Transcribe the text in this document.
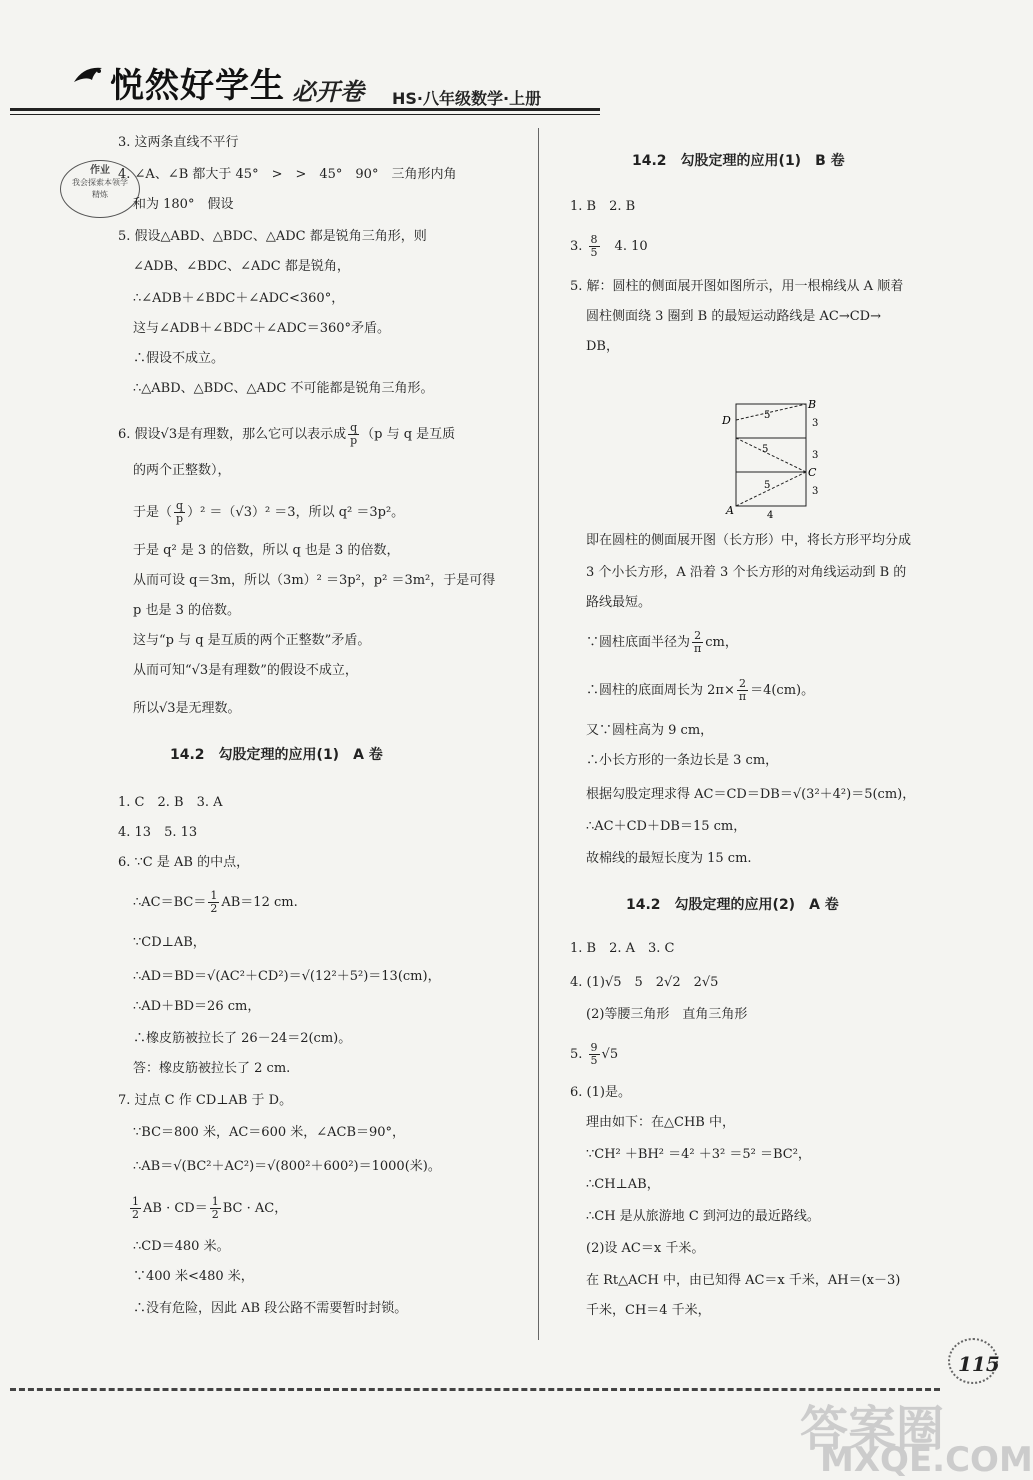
悦然好学生 必开卷 HS·八年级数学·上册
作业
我会探索本领学
精炼
3. 这两条直线不平行
4. ∠A、∠B 都大于 45°　>　>　45°　90°　三角形内角
和为 180°　假设
5. 假设△ABD、△BDC、△ADC 都是锐角三角形，则
∠ADB、∠BDC、∠ADC 都是锐角，
∴∠ADB＋∠BDC＋∠ADC<360°，
这与∠ADB＋∠BDC＋∠ADC＝360°矛盾。
∴假设不成立。
∴△ABD、△BDC、△ADC 不可能都是锐角三角形。
6. 假设√3是有理数，那么它可以表示成 $\frac{q}{p} (p$ 与 q 是互质
的两个正整数），
于是（ $\frac{q}{p} )^2 =(√3)^2 =3$，所以 q² ＝3p²。
于是 q² 是 3 的倍数，所以 q 也是 3 的倍数，
从而可设 q＝3m，所以（3m）² ＝3p²，p² ＝3m²，于是可得
p 也是 3 的倍数。
这与“p 与 q 是互质的两个正整数”矛盾。
从而可知“√3是有理数”的假设不成立，
所以√3是无理数。
14.2　勾股定理的应用(1)　A 卷
1. C　2. B　3. A
4. 13　5. 13
6. ∵C 是 AB 的中点，
∴AC＝BC＝ $\frac{1}{2} AB=12$ cm.
∵CD⊥AB，
∴AD＝BD＝√(AC²＋CD²)＝√(12²＋5²)＝13(cm)，
∴AD＋BD＝26 cm，
∴橡皮筋被拉长了 26－24＝2(cm)。
答：橡皮筋被拉长了 2 cm.
7. 过点 C 作 CD⊥AB 于 D。
∵BC＝800 米，AC＝600 米，∠ACB＝90°，
∴AB＝√(BC²＋AC²)＝√(800²＋600²)＝1000(米)。
$\frac{1}{2}$ AB · $CD= \frac{1}{2}$ BC · AC，
∴CD＝480 米。
∵400 米<480 米，
∴没有危险，因此 AB 段公路不需要暂时封锁。
14.2　勾股定理的应用(1)　B 卷
1. B　2. B
3. $\frac{8}{5}$ 　4. 10
5. 解：圆柱的侧面展开图如图所示，用一根棉线从 A 顺着
圆柱侧面绕 3 圈到 B 的最短运动路线是 AC→CD→
DB，
B
C
D
A
5
5
5
3
3
3
4
即在圆柱的侧面展开图（长方形）中，将长方形平均分成
3 个小长方形，A 沿着 3 个长方形的对角线运动到 B 的
路线最短。
∵圆柱底面半径为 $\frac{2}{\pi}$ cm，
∴圆柱的底面周长为 $2\pi\times \frac{2}{\pi} =4(cm)$。
又∵圆柱高为 9 cm，
∴小长方形的一条边长是 3 cm，
根据勾股定理求得 AC＝CD＝DB＝√(3²＋4²)＝5(cm)，
∴AC＋CD＋DB＝15 cm，
故棉线的最短长度为 15 cm.
14.2　勾股定理的应用(2)　A 卷
1. B　2. A　3. C
4. (1)√5　5　2√2　2√5
(2)等腰三角形　直角三角形
5. $\frac{9}{5} √5$
6. (1)是。
理由如下：在△CHB 中，
∵CH² ＋BH² ＝4² ＋3² ＝5² ＝BC²，
∴CH⊥AB，
∴CH 是从旅游地 C 到河边的最近路线。
(2)设 AC＝x 千米。
在 Rt△ACH 中，由已知得 AC＝x 千米，AH＝(x－3)
千米，CH＝4 千米，
115
答案圈
MXQE.COM
